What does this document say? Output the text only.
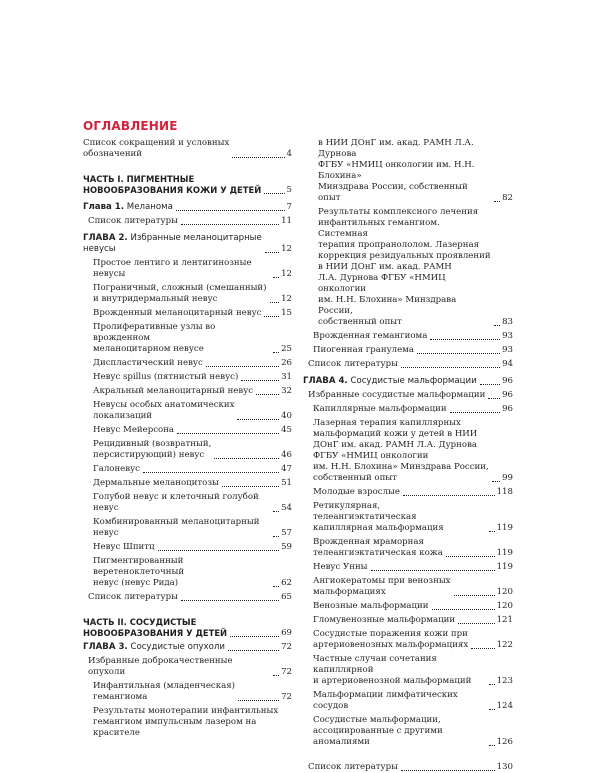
ОГЛАВЛЕНИЕ
Список сокращений и условных
обозначений	4
ЧАСТЬ I. ПИГМЕНТНЫЕ
НОВООБРАЗОВАНИЯ КОЖИ У ДЕТЕЙ	5
Глава 1. Меланома	7
Список литературы	11
ГЛАВА 2. Избранные меланоцитарные
невусы	12
Простое лентиго и лентигинозные невусы	12
Пограничный, сложный (смешанный)
и внутридермальный невус	12
Врожденный меланоцитарный невус 15
Пролиферативные узлы во врожденном
меланоцитарном невусе	25
Диспластический невус	26
Невус spillus (пятнистый невус)	31
Акральный меланоцитарный невус	32
Невусы особых анатомических
локализаций	40
Невус Мейерсона	45
Рецидивный (возвратный,
персистирующий) невус	46
Галоневус	47
Дермальные меланоцитозы	51
Голубой невус и клеточный голубой невус	54
Комбинированный меланоцитарный невус	57
Невус Шпитц	59
Пигментированный веретеноклеточный
невус (невус Рида)	62
Список литературы	65
ЧАСТЬ II. СОСУДИСТЫЕ
НОВООБРАЗОВАНИЯ У ДЕТЕЙ	69
ГЛАВА 3. Сосудистые опухоли	72
Избранные доброкачественные опухоли	72
Инфантильная (младенческая)
гемангиома	72
Результаты монотерапии инфантильных
гемангиом импульсным лазером на красителе
в НИИ ДОнГ им. акад. РАМН Л.А. Дурнова
ФГБУ «НМИЦ онкологии им. Н.Н. Блохина»
Минздрава России, собственный опыт	82
Результаты комплексного лечения
инфантильных гемангиом. Системная
терапия пропранололом. Лазерная
коррекция резидуальных проявлений
в НИИ ДОнГ им. акад. РАМН
Л.А. Дурнова ФГБУ «НМИЦ онкологии
им. Н.Н. Блохина» Минздрава России,
собственный опыт	83
Врожденная гемангиома	93
Пиогенная гранулема	93
Список литературы	94
ГЛАВА 4. Сосудистые мальформации	96
Избранные сосудистые мальформации 96
Капиллярные мальформации	96
Лазерная терапия капиллярных
мальформаций кожи у детей в НИИ
ДОнГ им. акад. РАМН Л.А. Дурнова
ФГБУ «НМИЦ онкологии
им. Н.Н. Блохина» Минздрава России,
собственный опыт	99
Молодые взрослые	118
Ретикулярная, телеангиэктатическая
капиллярная мальформация	119
Врожденная мраморная
телеангиэктатическая кожа	119
Невус Унны	119
Ангиокератомы при венозных
мальформациях	120
Венозные мальформации	120
Гломувенозные мальформации	121
Сосудистые поражения кожи при
артериовенозных мальформациях	122
Частные случаи сочетания капиллярной
и артериовенозной мальформаций	123
Мальформации лимфатических сосудов	124
Сосудистые мальформации,
ассоциированные с другими аномалиями	126
Список литературы	130
